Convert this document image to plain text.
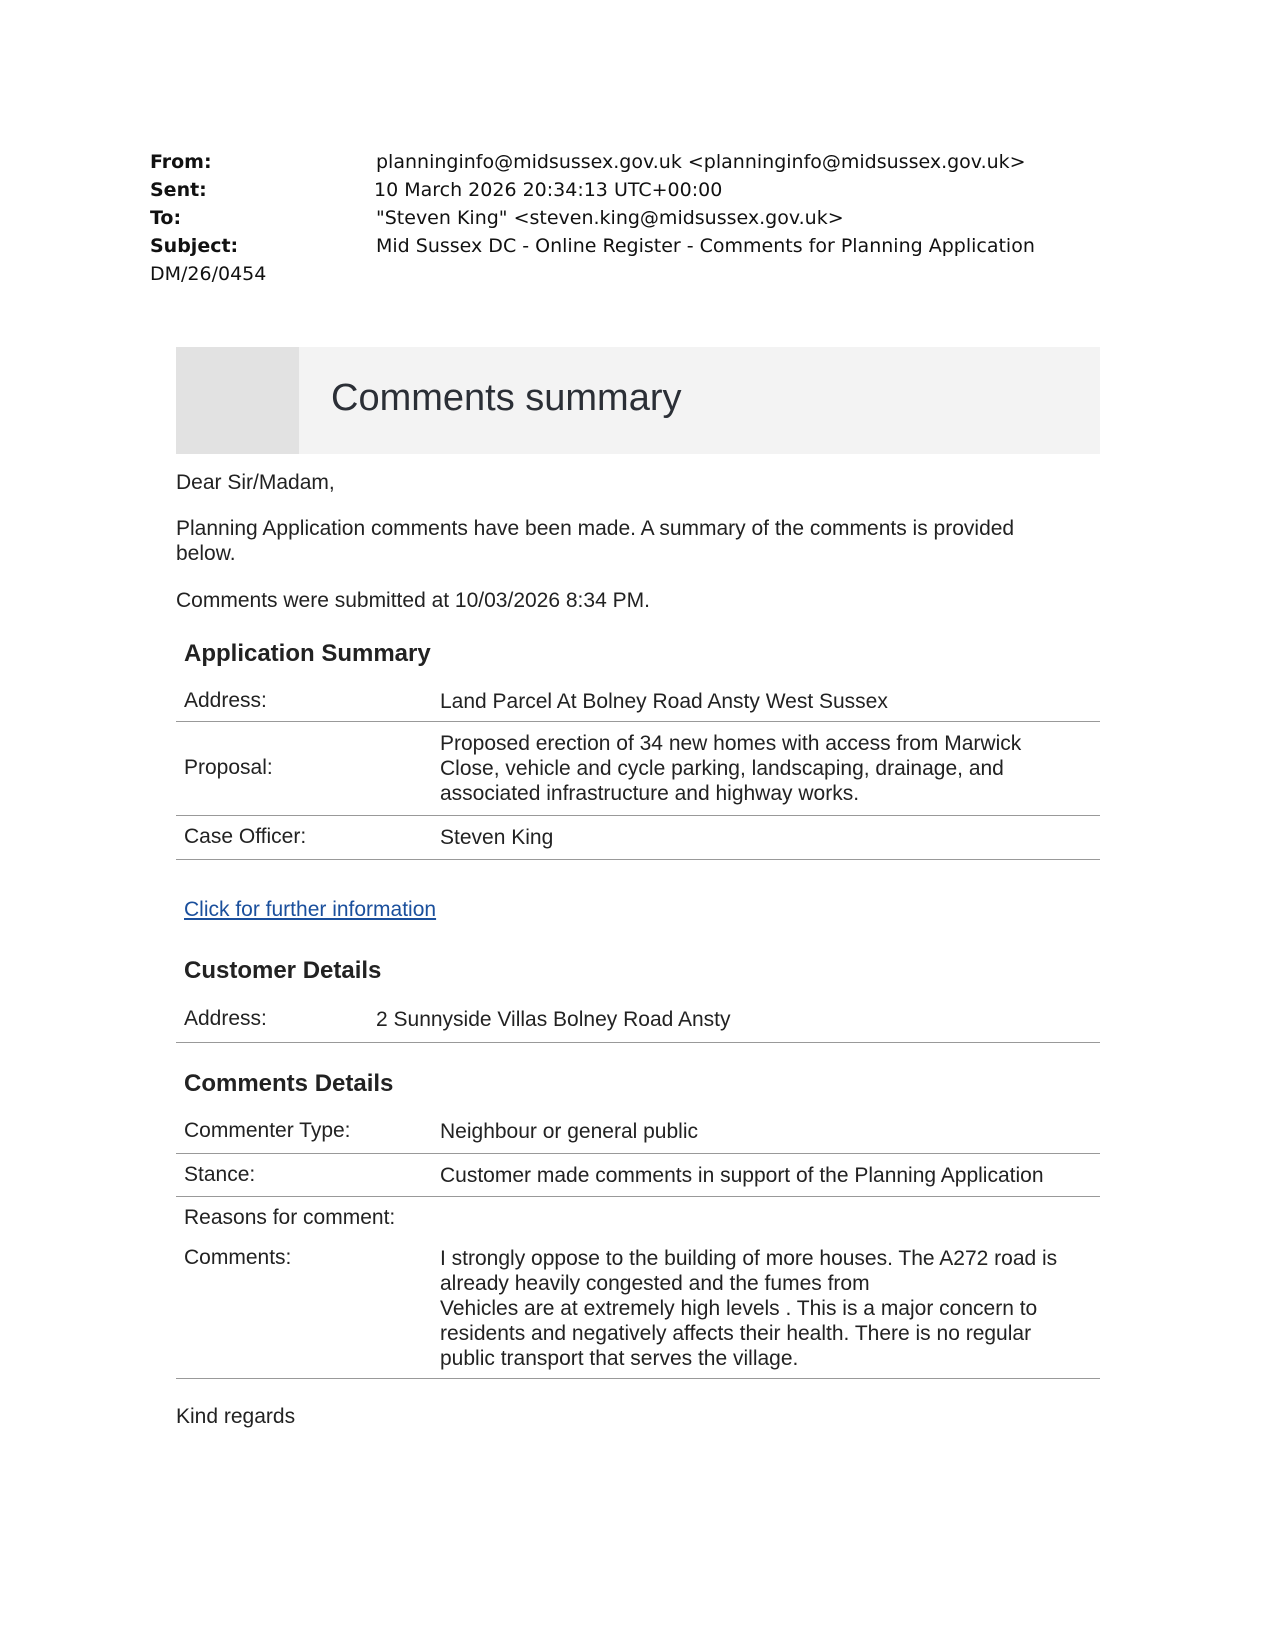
From:	planninginfo@midsussex.gov.uk <planninginfo@midsussex.gov.uk>
Sent:	10 March 2026 20:34:13 UTC+00:00
To:	"Steven King" <steven.king@midsussex.gov.uk>
Subject:	Mid Sussex DC - Online Register - Comments for Planning Application
DM/26/0454
Comments summary
Dear Sir/Madam,
Planning Application comments have been made. A summary of the comments is provided below.
Comments were submitted at 10/03/2026 8:34 PM.
Application Summary
Address:	Land Parcel At Bolney Road Ansty West Sussex
Proposal:
Proposed erection of 34 new homes with access from Marwick Close, vehicle and cycle parking, landscaping, drainage, and associated infrastructure and highway works.
Case Officer:	Steven King
Click for further information
Customer Details
Address:	2 Sunnyside Villas Bolney Road Ansty
Comments Details
Commenter Type:	Neighbour or general public
Stance:	Customer made comments in support of the Planning Application
Reasons for comment:
Comments:	I strongly oppose to the building of more houses. The A272 road is already heavily congested and the fumes from
Vehicles are at extremely high levels . This is a major concern to residents and negatively affects their health. There is no regular public transport that serves the village.
Kind regards
